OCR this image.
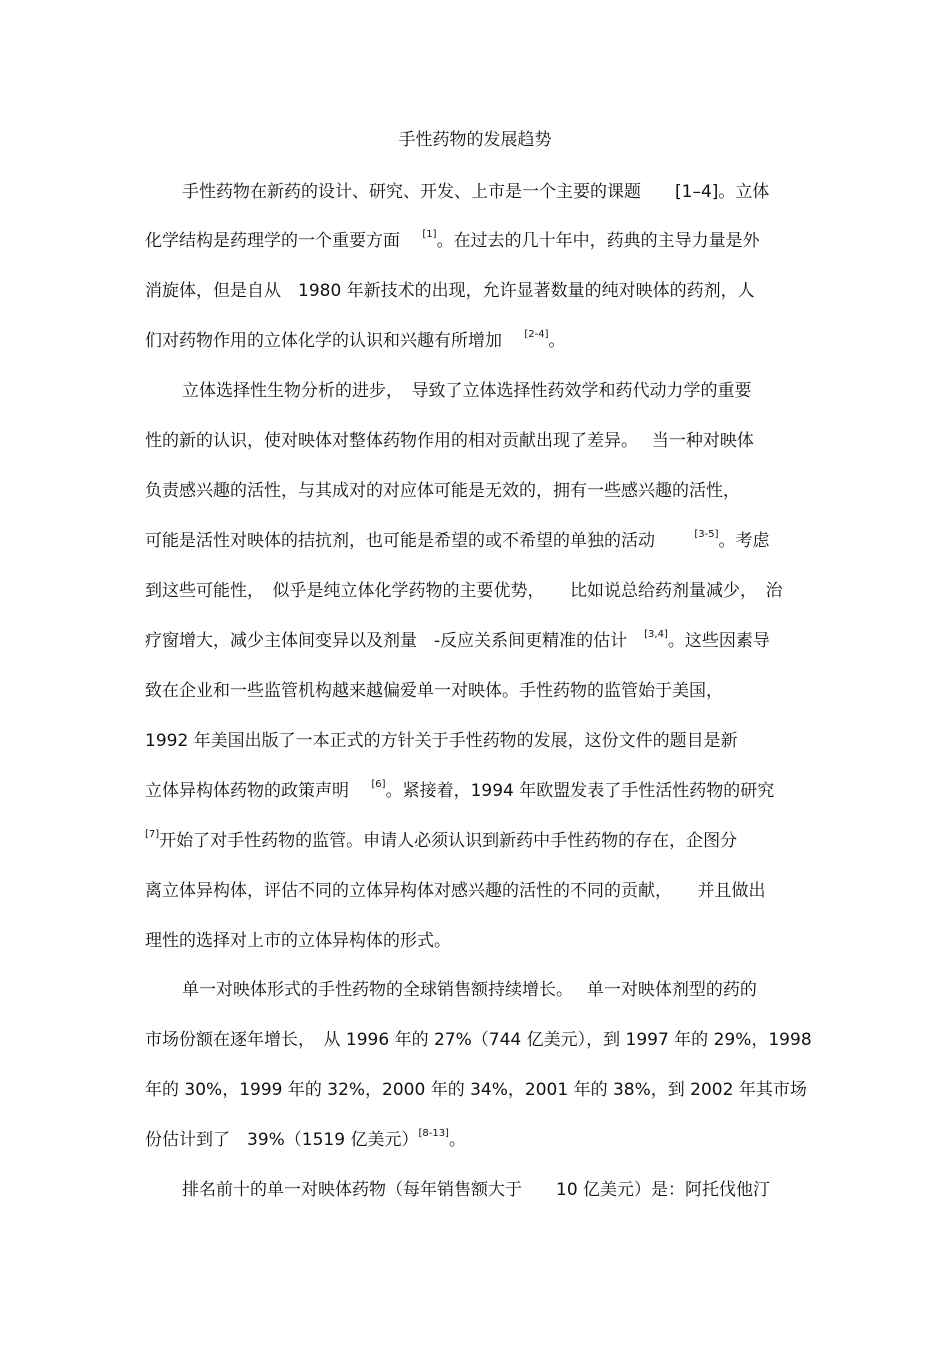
手性药物的发展趋势
手性药物在新药的设计、研究、开发、上市是一个主要的课题　　[1–4]。立体
化学结构是药理学的一个重要方面　 [1]。在过去的几十年中，药典的主导力量是外
消旋体，但是自从　1980 年新技术的出现，允许显著数量的纯对映体的药剂，人
们对药物作用的立体化学的认识和兴趣有所增加　 [2-4]。
立体选择性生物分析的进步，　导致了立体选择性药效学和药代动力学的重要
性的新的认识，使对映体对整体药物作用的相对贡献出现了差异。　 当一种对映体
负责感兴趣的活性，与其成对的对应体可能是无效的，拥有一些感兴趣的活性，
可能是活性对映体的拮抗剂，也可能是希望的或不希望的单独的活动　　 [3-5]。考虑
到这些可能性，　似乎是纯立体化学药物的主要优势，　　比如说总给药剂量减少，　治
疗窗增大，减少主体间变异以及剂量　-反应关系间更精准的估计　[3,4]。这些因素导
致在企业和一些监管机构越来越偏爱单一对映体。手性药物的监管始于美国，
1992 年美国出版了一本正式的方针关于手性药物的发展，这份文件的题目是新
立体异构体药物的政策声明　 [6]。紧接着，1994 年欧盟发表了手性活性药物的研究
[7]开始了对手性药物的监管。申请人必须认识到新药中手性药物的存在，企图分
离立体异构体，评估不同的立体异构体对感兴趣的活性的不同的贡献，　　并且做出
理性的选择对上市的立体异构体的形式。
单一对映体形式的手性药物的全球销售额持续增长。　 单一对映体剂型的药的
市场份额在逐年增长，　从 1996 年的 27%（744 亿美元），到 1997 年的 29%，1998
年的 30%，1999 年的 32%，2000 年的 34%，2001 年的 38%，到 2002 年其市场
份估计到了　39%（1519 亿美元）[8-13]。
排名前十的单一对映体药物（每年销售额大于　　10 亿美元）是：阿托伐他汀
